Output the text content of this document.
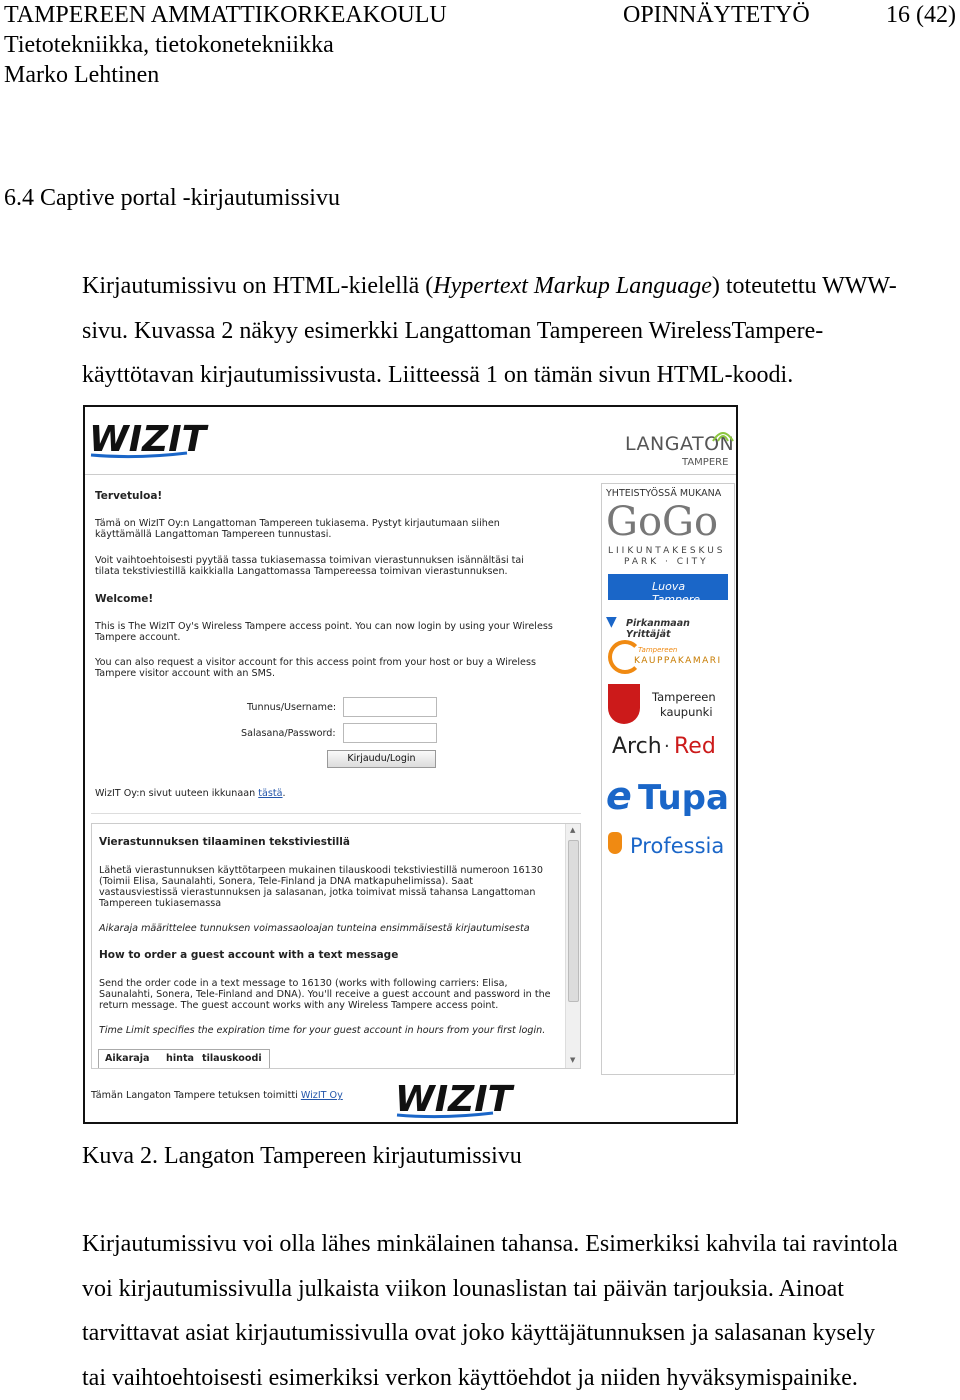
TAMPEREEN AMMATTIKORKEAKOULU	OPINNÄYTETYÖ	16 (42)
Tietotekniikka, tietokonetekniikka
Marko Lehtinen
6.4 Captive portal -kirjautumissivu

Kirjautumissivu on HTML-kielellä (Hypertext Markup Language) toteutettu WWW-

sivu. Kuvassa 2 näkyy esimerkki Langattoman Tampereen WirelessTampere-

käyttötavan kirjautumissivusta. Liitteessä 1 on tämän sivun HTML-koodi.

WIZIT	LANGATON
TAMPERE
Tervetuloa!
Tämä on WizIT Oy:n Langattoman Tampereen tukiasema. Pystyt kirjautumaan siihen käyttämällä Langattoman Tampereen tunnustasi.
Voit vaihtoehtoisesti pyytää tassa tukiasemassa toimivan vierastunnuksen isännältäsi tai tilata tekstiviestillä kaikkialla Langattomassa Tampereessa toimivan vierastunnuksen.
Welcome!
This is The WizIT Oy's Wireless Tampere access point. You can now login by using your Wireless Tampere account.
You can also request a visitor account for this access point from your host or buy a Wireless Tampere visitor account with an SMS.
Tunnus/Username:
Salasana/Password:
Kirjaudu/Login
WizIT Oy:n sivut uuteen ikkunaan tästä.
Vierastunnuksen tilaaminen tekstiviestillä
Lähetä vierastunnuksen käyttötarpeen mukainen tilauskoodi tekstiviestillä numeroon 16130 (Toimii Elisa, Saunalahti, Sonera, Tele-Finland ja DNA matkapuhelimissa). Saat vastausviestissä vierastunnuksen ja salasanan, jotka toimivat missä tahansa Langattoman Tampereen tukiasemassa
Aikaraja määrittelee tunnuksen voimassaoloajan tunteina ensimmäisestä kirjautumisesta
How to order a guest account with a text message
Send the order code in a text message to 16130 (works with following carriers: Elisa, Saunalahti, Sonera, Tele-Finland and DNA). You'll receive a guest account and password in the return message. The guest account works with any Wireless Tampere access point.
Time Limit specifies the expiration time for your guest account in hours from your first login.
Aikaraja hinta tilauskoodi
▲
▼
Tämän Langaton Tampere tetuksen toimitti WizIT Oy WIZIT
YHTEISTYÖSSÄ MUKANA
GoGo
LIIKUNTAKESKUS
PARK · CITY
Luova Tampere
Pirkanmaan Yrittäjät
▼
Tampereen
KAUPPAKAMARI
Tampereen
kaupunki
Arch · Red
e Tupa
Professia
Kuva 2. Langaton Tampereen kirjautumissivu

Kirjautumissivu voi olla lähes minkälainen tahansa. Esimerkiksi kahvila tai ravintola

voi kirjautumissivulla julkaista viikon lounaslistan tai päivän tarjouksia. Ainoat

tarvittavat asiat kirjautumissivulla ovat joko käyttäjätunnuksen ja salasanan kysely

tai vaihtoehtoisesti esimerkiksi verkon käyttöehdot ja niiden hyväksymispainike.
